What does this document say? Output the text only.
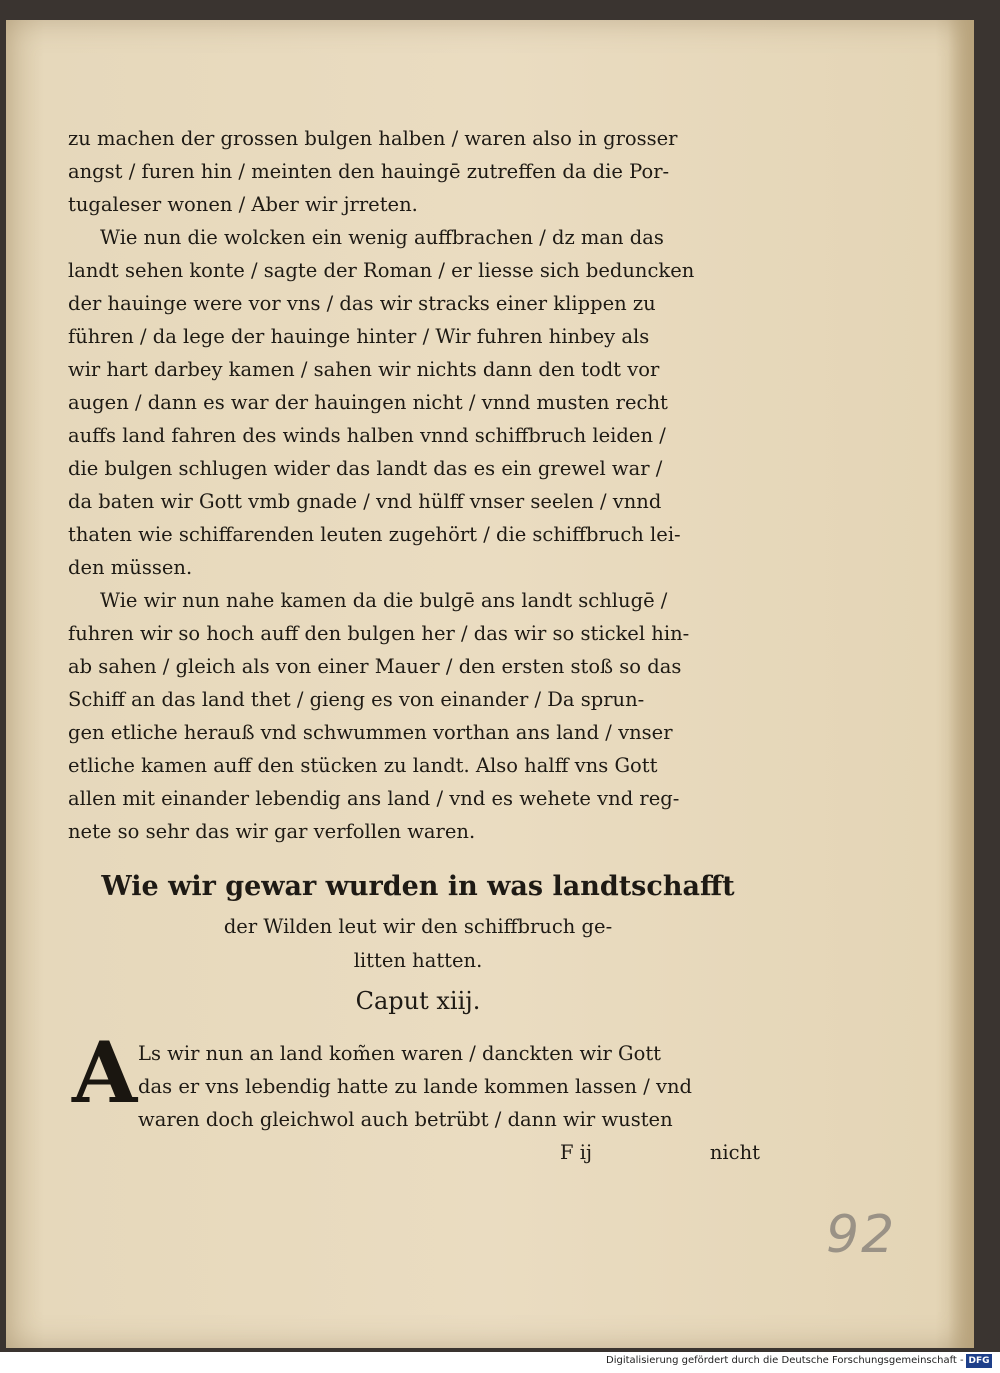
zu machen der grossen bulgen halben / waren also in grosser
angst / furen hin / meinten den hauingē zutreffen da die Por-
tugaleser wonen / Aber wir jrreten.
Wie nun die wolcken ein wenig auffbrachen / dz man das
landt sehen konte / sagte der Roman / er liesse sich beduncken
der hauinge were vor vns / das wir stracks einer klippen zu
führen / da lege der hauinge hinter / Wir fuhren hinbey als
wir hart darbey kamen / sahen wir nichts dann den todt vor
augen / dann es war der hauingen nicht / vnnd musten recht
auffs land fahren des winds halben vnnd schiffbruch leiden /
die bulgen schlugen wider das landt das es ein grewel war /
da baten wir Gott vmb gnade / vnd hülff vnser seelen / vnnd
thaten wie schiffarenden leuten zugehört / die schiffbruch lei-
den müssen.
Wie wir nun nahe kamen da die bulgē ans landt schlugē /
fuhren wir so hoch auff den bulgen her / das wir so stickel hin-
ab sahen / gleich als von einer Mauer / den ersten stoß so das
Schiff an das land thet / gieng es von einander / Da sprun-
gen etliche herauß vnd schwummen vorthan ans land / vnser
etliche kamen auff den stücken zu landt. Also halff vns Gott
allen mit einander lebendig ans land / vnd es wehete vnd reg-
nete so sehr das wir gar verfollen waren.
Wie wir gewar wurden in was landtschafft
der Wilden leut wir den schiffbruch ge-
litten hatten.
Caput xiij.
A Ls wir nun an land kom̃en waren / danckten wir Gott
das er vns lebendig hatte zu lande kommen lassen / vnd
waren doch gleichwol auch betrübt / dann wir wusten
F ij	nicht
92
Digitalisierung gefördert durch die Deutsche Forschungsgemeinschaft - DFG
